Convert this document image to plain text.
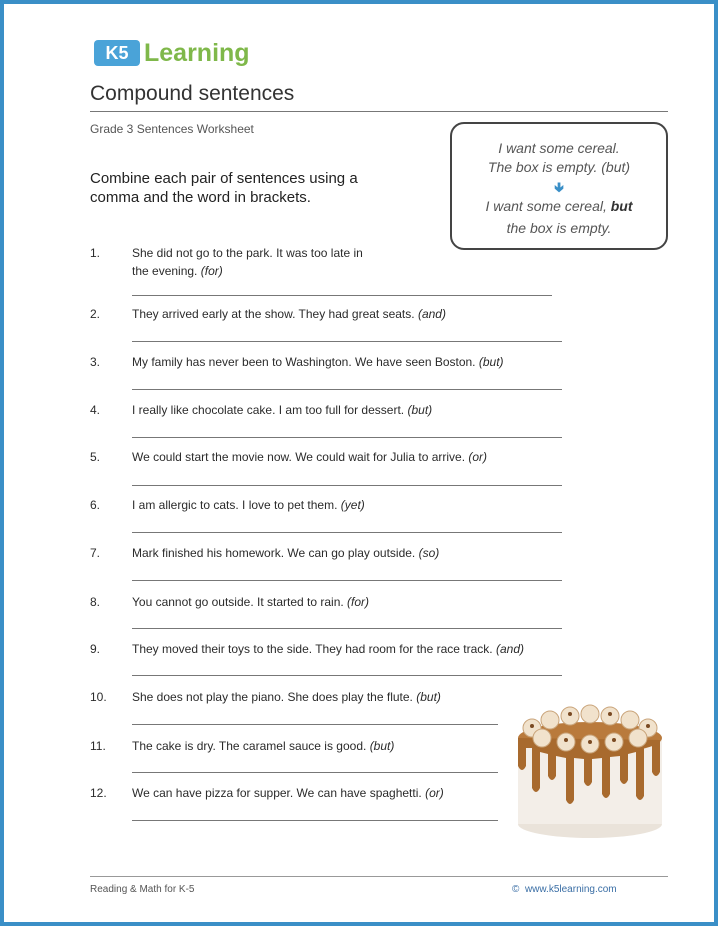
K5 Learning
Compound sentences
Grade 3 Sentences Worksheet
Combine each pair of sentences using a comma and the word in brackets.
I want some cereal.
The box is empty. (but)
🢃
I want some cereal, but
the box is empty.
1.	She did not go to the park. It was too late in
the evening. (for)
2.	They arrived early at the show. They had great seats. (and)
3.	My family has never been to Washington. We have seen Boston. (but)
4.	I really like chocolate cake. I am too full for dessert. (but)
5.	We could start the movie now. We could wait for Julia to arrive. (or)
6.	I am allergic to cats. I love to pet them. (yet)
7.	Mark finished his homework. We can go play outside. (so)
8.	You cannot go outside. It started to rain. (for)
9.	They moved their toys to the side. They had room for the race track. (and)
10.	She does not play the piano. She does play the flute. (but)
11.	The cake is dry. The caramel sauce is good. (but)
12.	We can have pizza for supper. We can have spaghetti. (or)
Reading & Math for K-5	© www.k5learning.com
